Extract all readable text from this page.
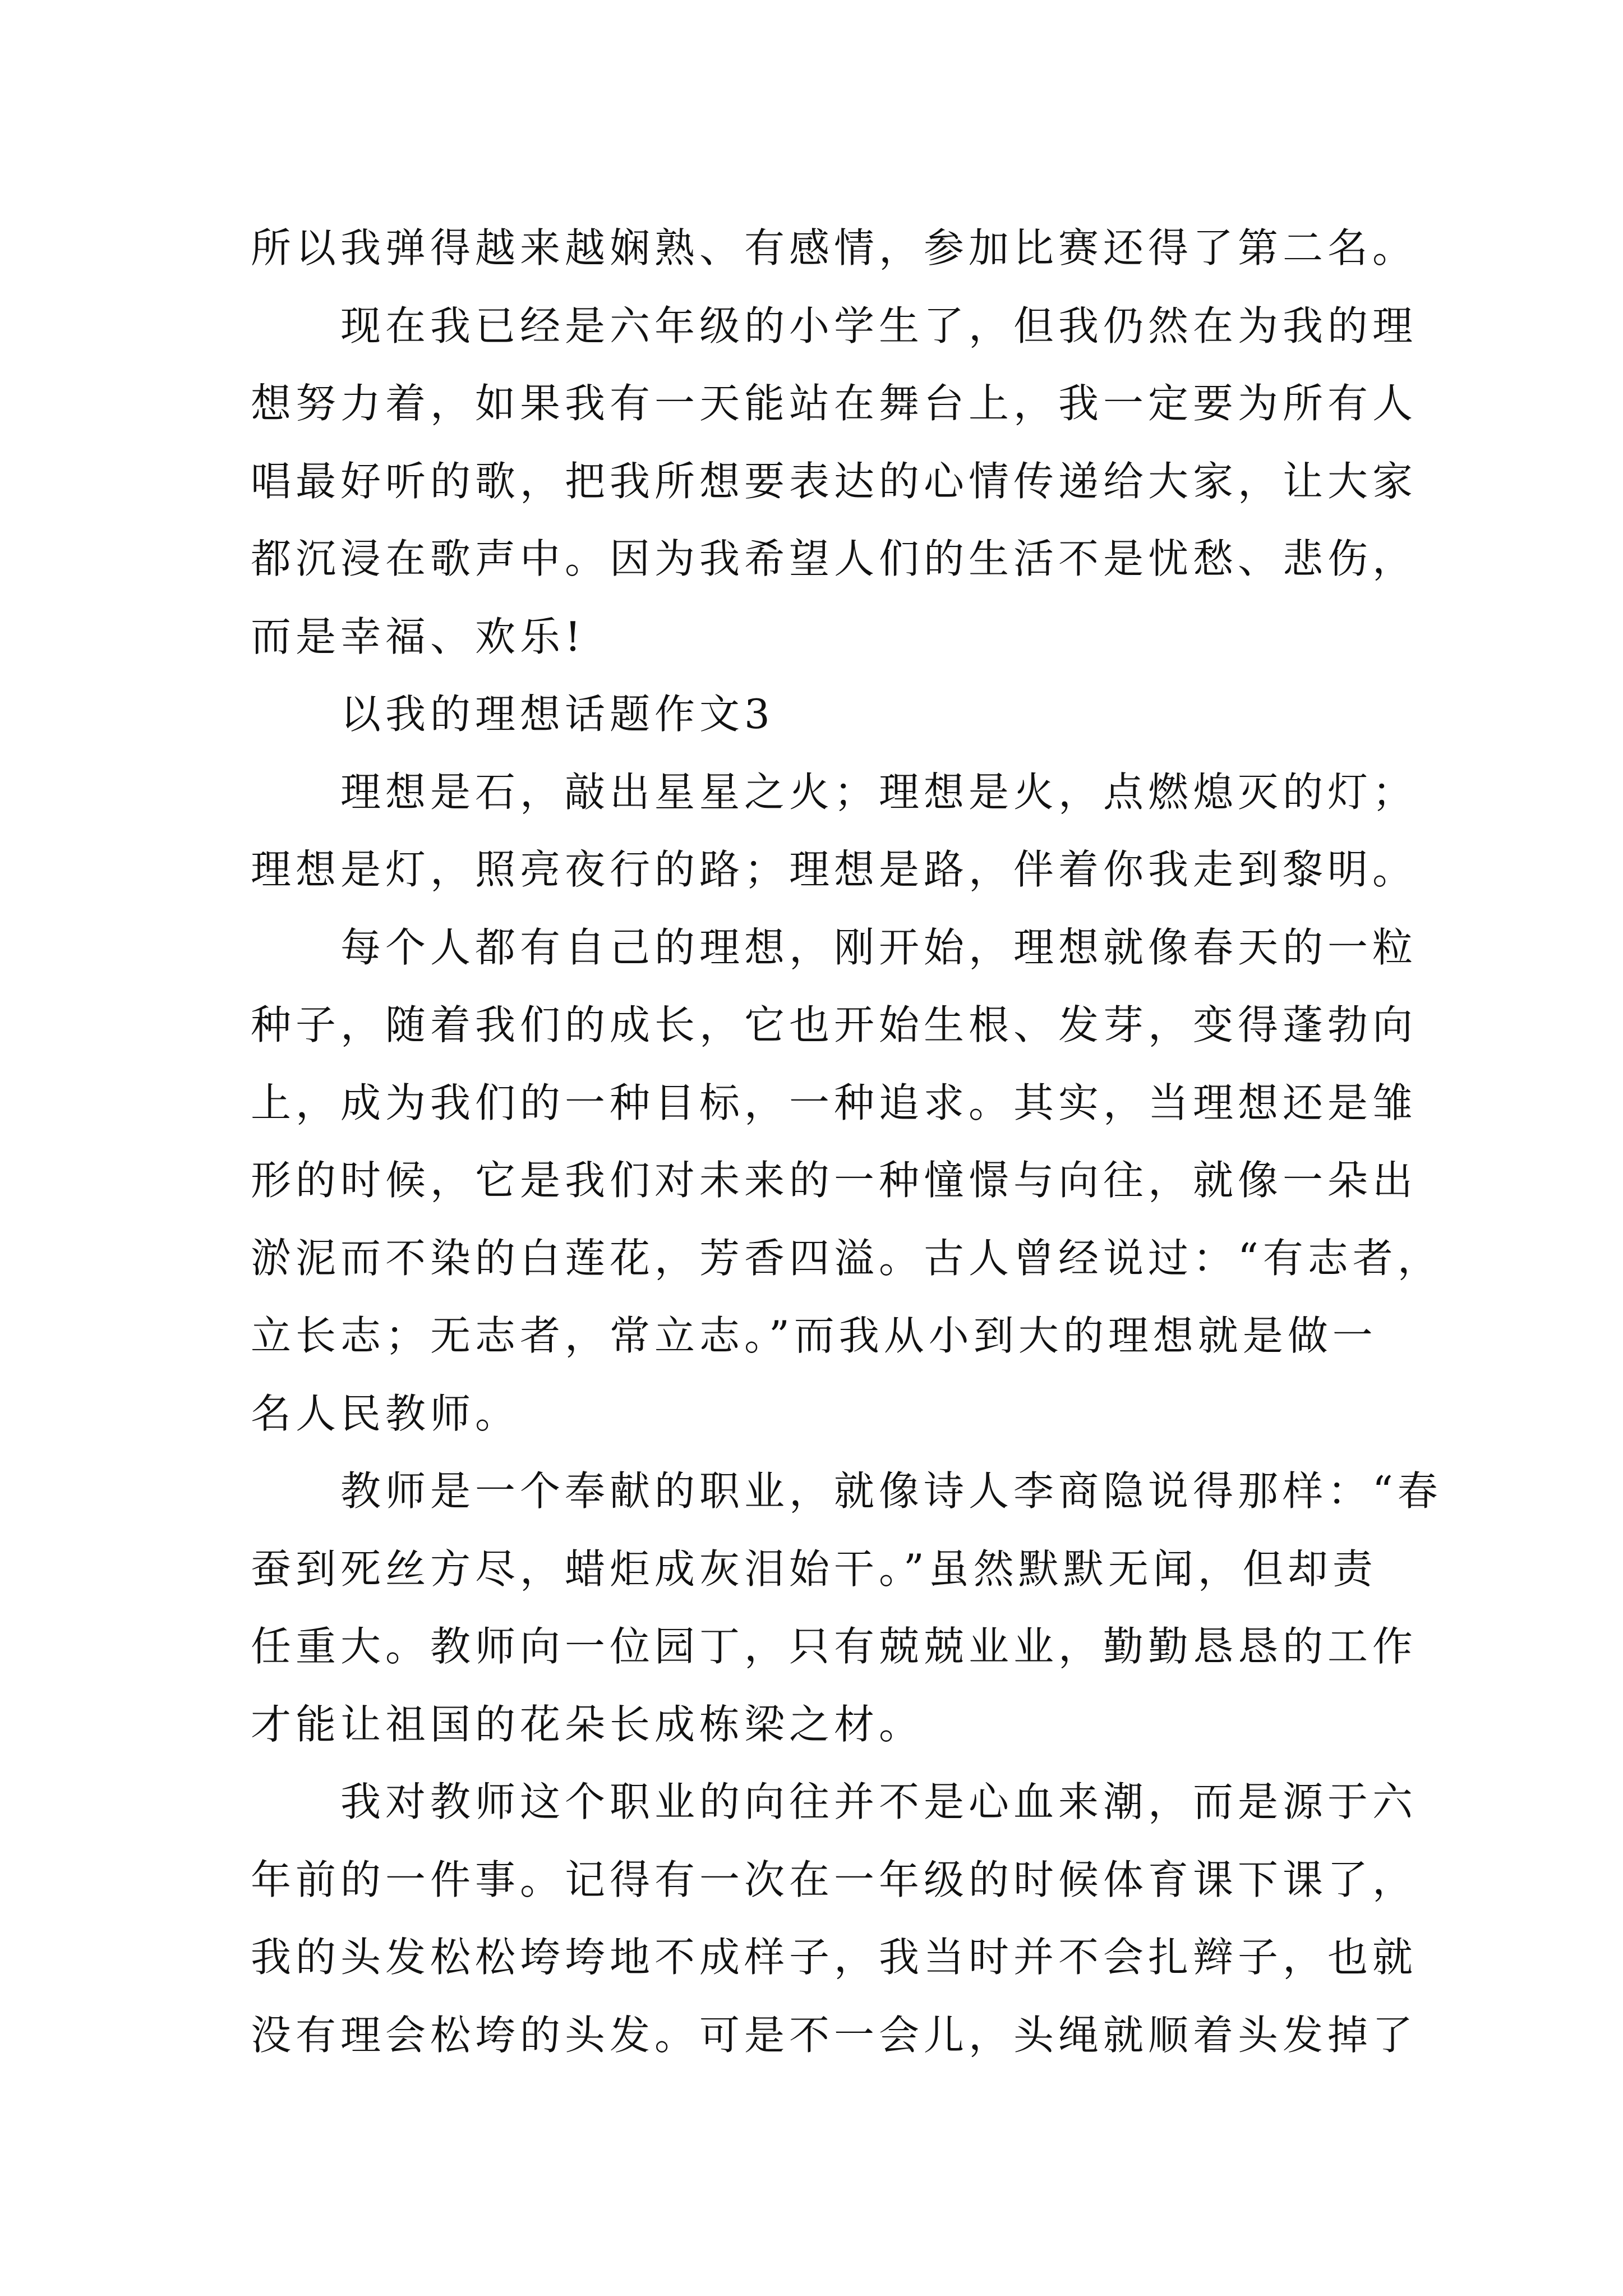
所以我弹得越来越娴熟、有感情，参加比赛还得了第二名。
现在我已经是六年级的小学生了，但我仍然在为我的理
想努力着，如果我有一天能站在舞台上，我一定要为所有人
唱最好听的歌，把我所想要表达的心情传递给大家，让大家
都沉浸在歌声中。因为我希望人们的生活不是忧愁、悲伤，
而是幸福、欢乐!
以我的理想话题作文3
理想是石，敲出星星之火；理想是火，点燃熄灭的灯；
理想是灯，照亮夜行的路；理想是路，伴着你我走到黎明。
每个人都有自己的理想，刚开始，理想就像春天的一粒
种子，随着我们的成长，它也开始生根、发芽，变得蓬勃向
上，成为我们的一种目标，一种追求。其实，当理想还是雏
形的时候，它是我们对未来的一种憧憬与向往，就像一朵出
淤泥而不染的白莲花，芳香四溢。古人曾经说过：“有志者，
立长志；无志者，常立志。”而我从小到大的理想就是做一
名人民教师。
教师是一个奉献的职业，就像诗人李商隐说得那样：“春
蚕到死丝方尽，蜡炬成灰泪始干。”虽然默默无闻，但却责
任重大。教师向一位园丁，只有兢兢业业，勤勤恳恳的工作
才能让祖国的花朵长成栋梁之材。
我对教师这个职业的向往并不是心血来潮，而是源于六
年前的一件事。记得有一次在一年级的时候体育课下课了，
我的头发松松垮垮地不成样子，我当时并不会扎辫子，也就
没有理会松垮的头发。可是不一会儿，头绳就顺着头发掉了
